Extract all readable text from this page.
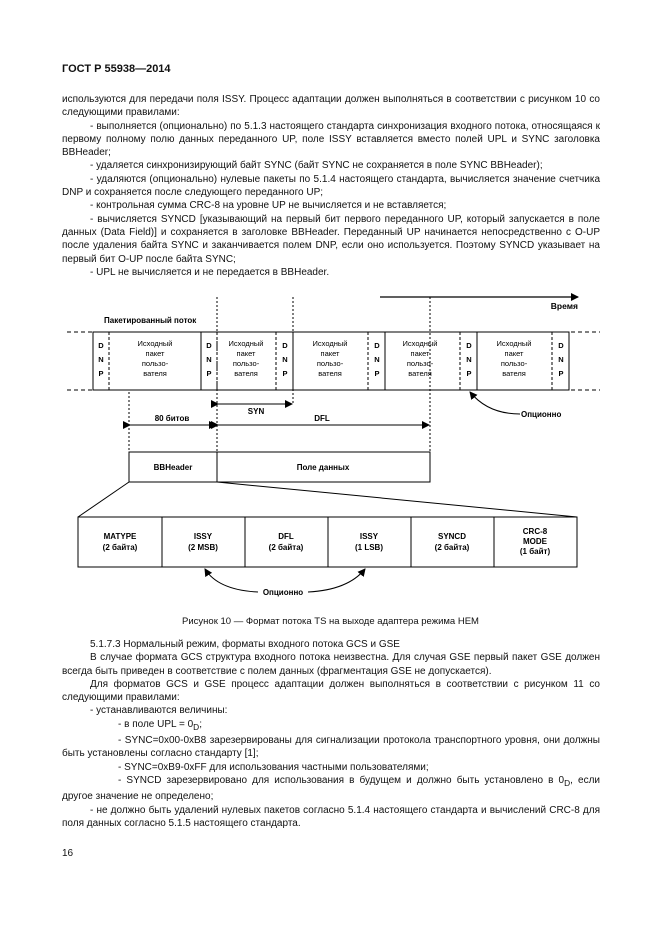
ГОСТ Р 55938—2014

используются для передачи поля ISSY. Процесс адаптации должен выполняться в соответствии с рисунком 10 со следующими правилами:

- выполняется (опционально) по 5.1.3 настоящего стандарта синхронизация входного потока, относящаяся к первому полному полю данных переданного UP, поле ISSY вставляется вместо полей UPL и SYNC заголовка BBHeader;

- удаляется синхронизирующий байт SYNC (байт SYNC не сохраняется в поле SYNC BBHeader);

- удаляются (опционально) нулевые пакеты по 5.1.4 настоящего стандарта, вычисляется значение счетчика DNP и сохраняется после следующего переданного UP;

- контрольная сумма CRC-8 на уровне UP не вычисляется и не вставляется;

- вычисляется SYNCD [указывающий на первый бит первого переданного UP, который запускается в поле данных (Data Field)] и сохраняется в заголовке BBHeader. Переданный UP начинается непосредственно с O-UP после удаления байта SYNC и заканчивается полем DNP, если оно используется. Поэтому SYNCD указывает на первый бит O-UP после байта SYNC;

- UPL не вычисляется и не передается в BBHeader.

Время
Пакетированный поток
D
N
P
D
N
P
D
N
P
D
N
P
D
N
P
D
N
P
Исходный
пакет
пользо-
вателя
Исходный
пакет
пользо-
вателя
Исходный
пакет
пользо-
вателя
Исходный
пакет
пользо-
вателя
Исходный
пакет
пользо-
вателя
SYN
80 битов	DFL	Опционно
BBHeader	Поле данных
MATYPE
(2 байта)
ISSY
(2 MSB)
DFL
(2 байта)
ISSY
(1 LSB)
SYNCD
(2 байта)
CRC-8
MODE
(1 байт)
Опционно
Рисунок 10 — Формат потока TS на выходе адаптера режима HEM

5.1.7.3 Нормальный режим, форматы входного потока GCS и GSE

В случае формата GCS структура входного потока неизвестна. Для случая GSE первый пакет GSE должен всегда быть приведен в соответствие с полем данных (фрагментация GSE не допускается).

Для форматов GCS и GSE процесс адаптации должен выполняться в соответствии с рисунком 11 со следующими правилами:

- устанавливаются величины:

- в поле UPL = $0_D$;

- SYNC=0x00-0xB8 зарезервированы для сигнализации протокола транспортного уровня, они должны быть установлены согласно стандарту [1];

- SYNC=0xB9-0xFF для использования частными пользователями;

- SYNCD зарезервировано для использования в будущем и должно быть установлено в $0_D$, если другое значение не определено;

- не должно быть удалений нулевых пакетов согласно 5.1.4 настоящего стандарта и вычислений CRC-8 для поля данных согласно 5.1.5 настоящего стандарта.

16
